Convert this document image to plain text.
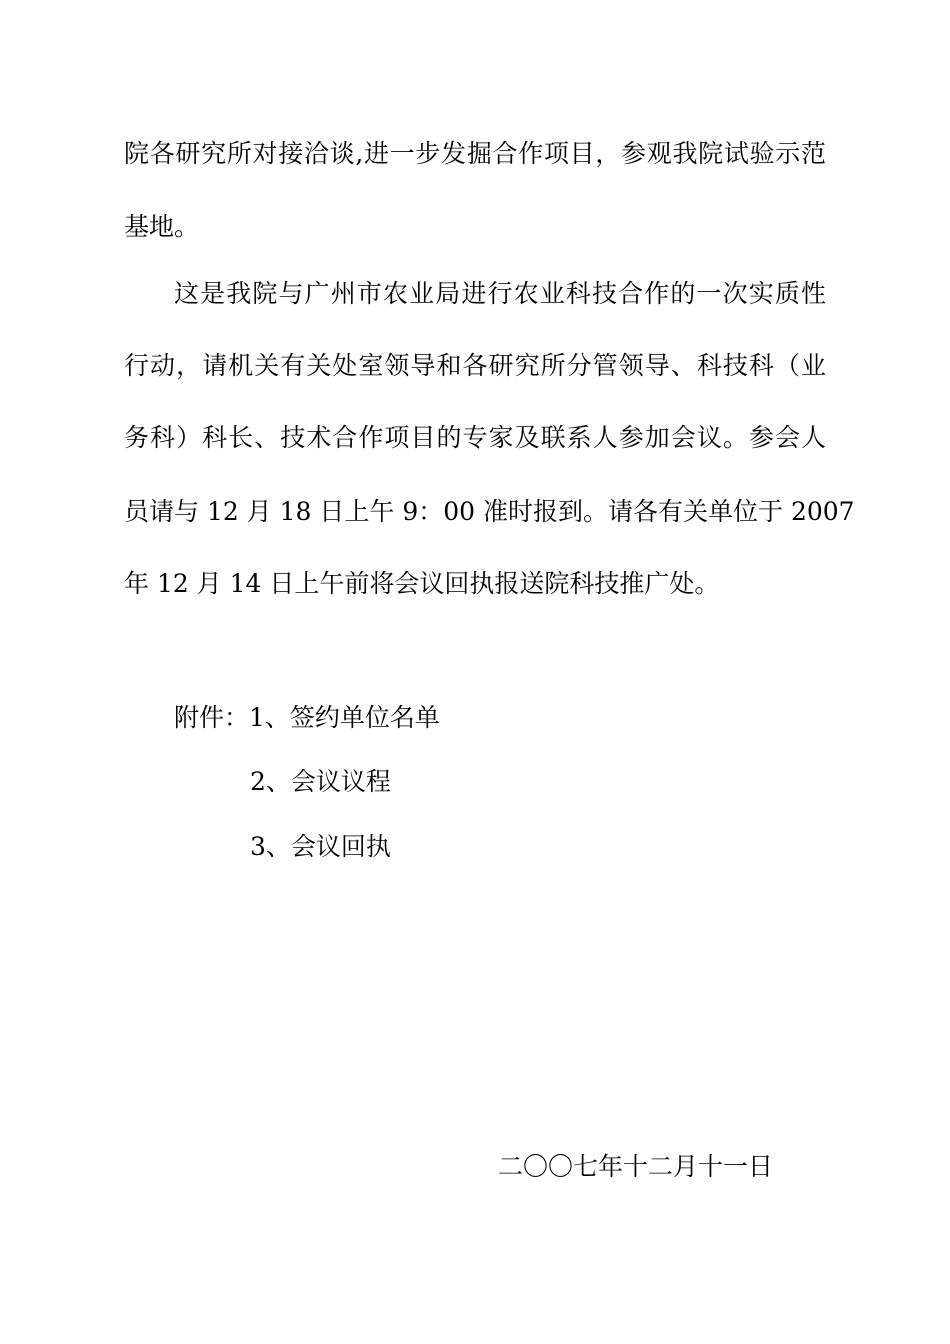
院各研究所对接洽谈,进一步发掘合作项目，参观我院试验示范
基地。
这是我院与广州市农业局进行农业科技合作的一次实质性
行动，请机关有关处室领导和各研究所分管领导、科技科（业
务科）科长、技术合作项目的专家及联系人参加会议。参会人
员请与 12 月 18 日上午 9：00 准时报到。请各有关单位于 2007
年 12 月 14 日上午前将会议回执报送院科技推广处。
附件：1、签约单位名单
2、会议议程
3、会议回执
二〇〇七年十二月十一日
